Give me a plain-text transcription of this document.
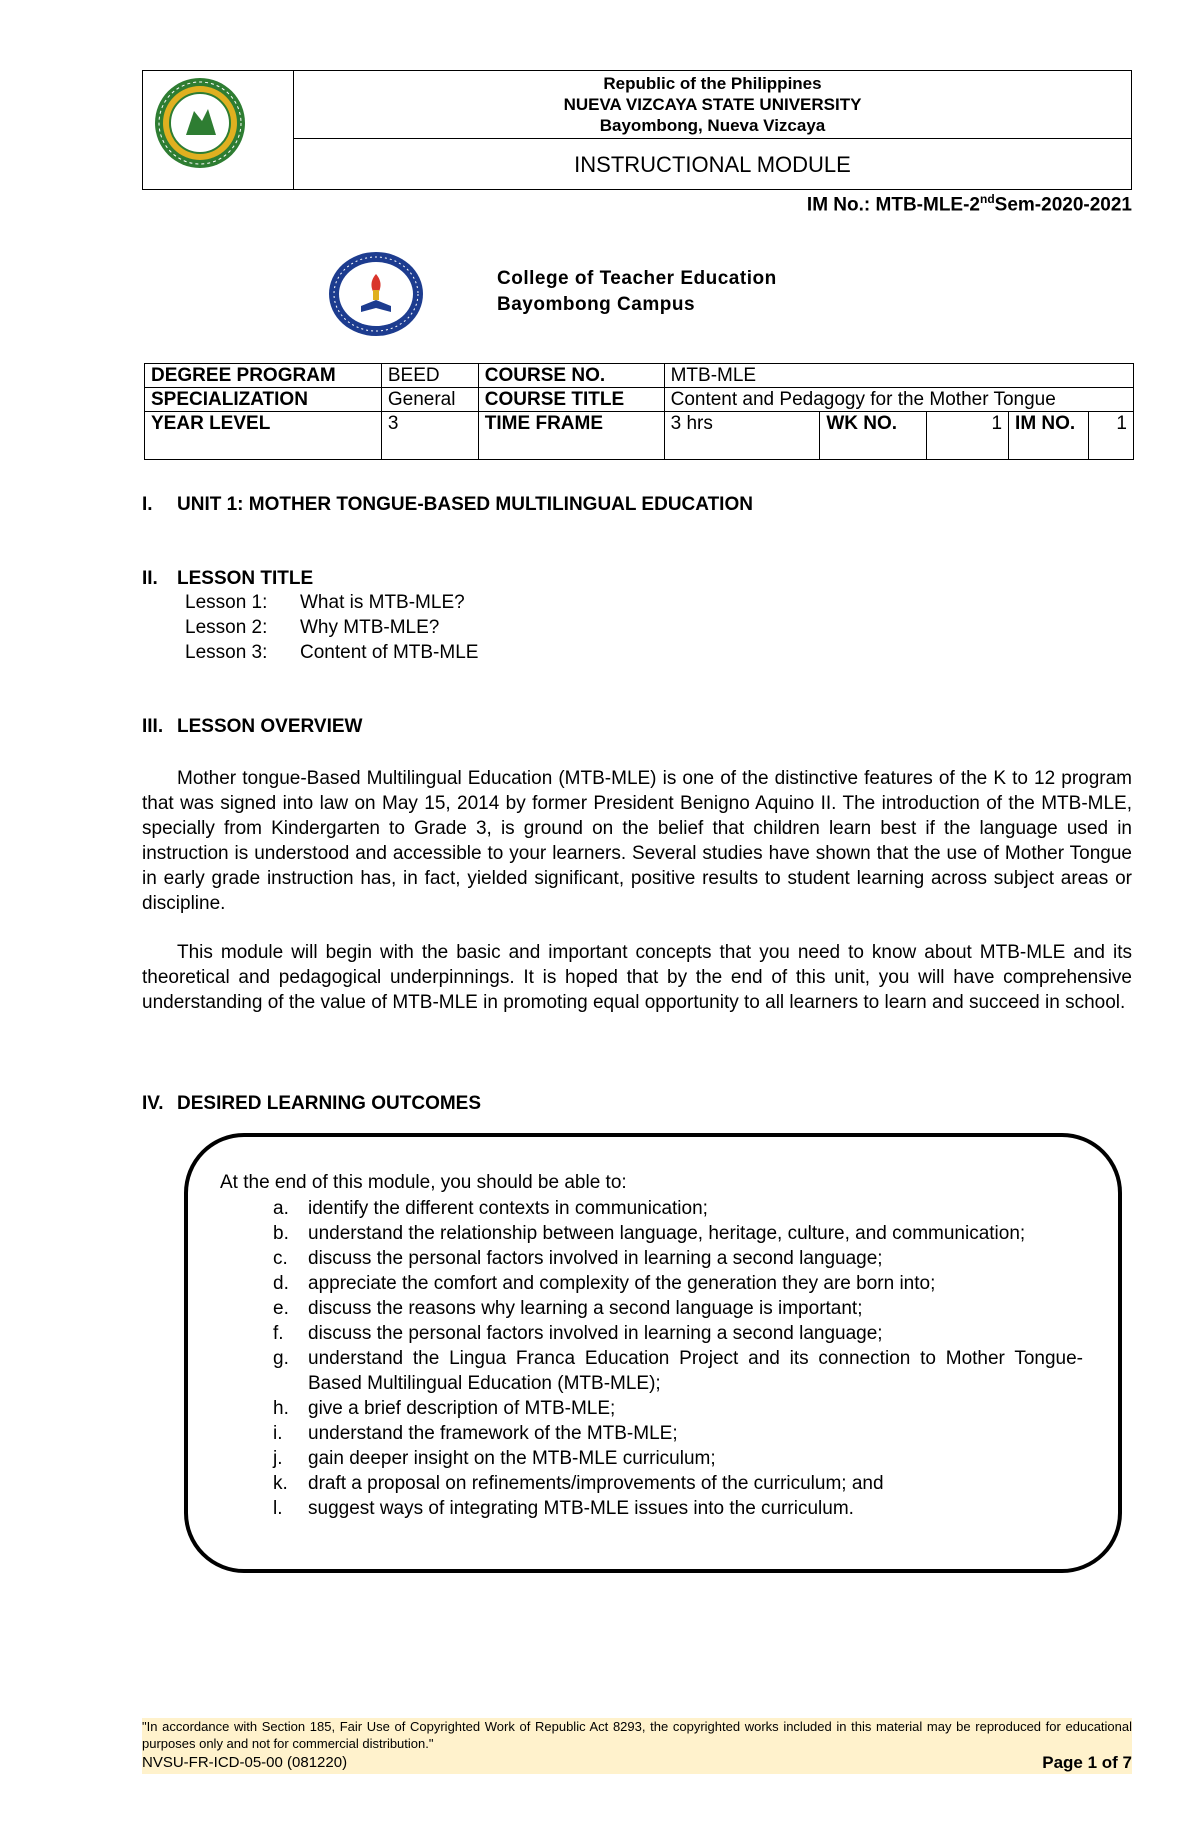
Republic of the Philippines
NUEVA VIZCAYA STATE UNIVERSITY
Bayombong, Nueva Vizcaya
INSTRUCTIONAL MODULE
IM No.: MTB-MLE-2ndSem-2020-2021
College of Teacher Education
Bayombong Campus
DEGREE PROGRAM	BEED	COURSE NO.	MTB-MLE				
SPECIALIZATION	General	COURSE TITLE	Content and Pedagogy for the Mother Tongue				
YEAR LEVEL	3	TIME FRAME	3 hrs	WK NO.	1	IM NO.	1
I. UNIT 1: MOTHER TONGUE-BASED MULTILINGUAL EDUCATION
II. LESSON TITLE
Lesson 1: What is MTB-MLE?
Lesson 2: Why MTB-MLE?
Lesson 3: Content of MTB-MLE
III. LESSON OVERVIEW

Mother tongue-Based Multilingual Education (MTB-MLE) is one of the distinctive features of the K to 12 program that was signed into law on May 15, 2014 by former President Benigno Aquino II. The introduction of the MTB-MLE, specially from Kindergarten to Grade 3, is ground on the belief that children learn best if the language used in instruction is understood and accessible to your learners. Several studies have shown that the use of Mother Tongue in early grade instruction has, in fact, yielded significant, positive results to student learning across subject areas or discipline.

This module will begin with the basic and important concepts that you need to know about MTB-MLE and its theoretical and pedagogical underpinnings. It is hoped that by the end of this unit, you will have comprehensive understanding of the value of MTB-MLE in promoting equal opportunity to all learners to learn and succeed in school.

IV. DESIRED LEARNING OUTCOMES
At the end of this module, you should be able to:
a. identify the different contexts in communication;
b. understand the relationship between language, heritage, culture, and communication;
c. discuss the personal factors involved in learning a second language;
d. appreciate the comfort and complexity of the generation they are born into;
e. discuss the reasons why learning a second language is important;
f. discuss the personal factors involved in learning a second language;
g. understand the Lingua Franca Education Project and its connection to Mother Tongue-Based Multilingual Education (MTB-MLE);
h. give a brief description of MTB-MLE;
i. understand the framework of the MTB-MLE;
j. gain deeper insight on the MTB-MLE curriculum;
k. draft a proposal on refinements/improvements of the curriculum; and
l. suggest ways of integrating MTB-MLE issues into the curriculum.
"In accordance with Section 185, Fair Use of Copyrighted Work of Republic Act 8293, the copyrighted works included in this material may be reproduced for educational purposes only and not for commercial distribution."
NVSU-FR-ICD-05-00 (081220)	Page 1 of 7
